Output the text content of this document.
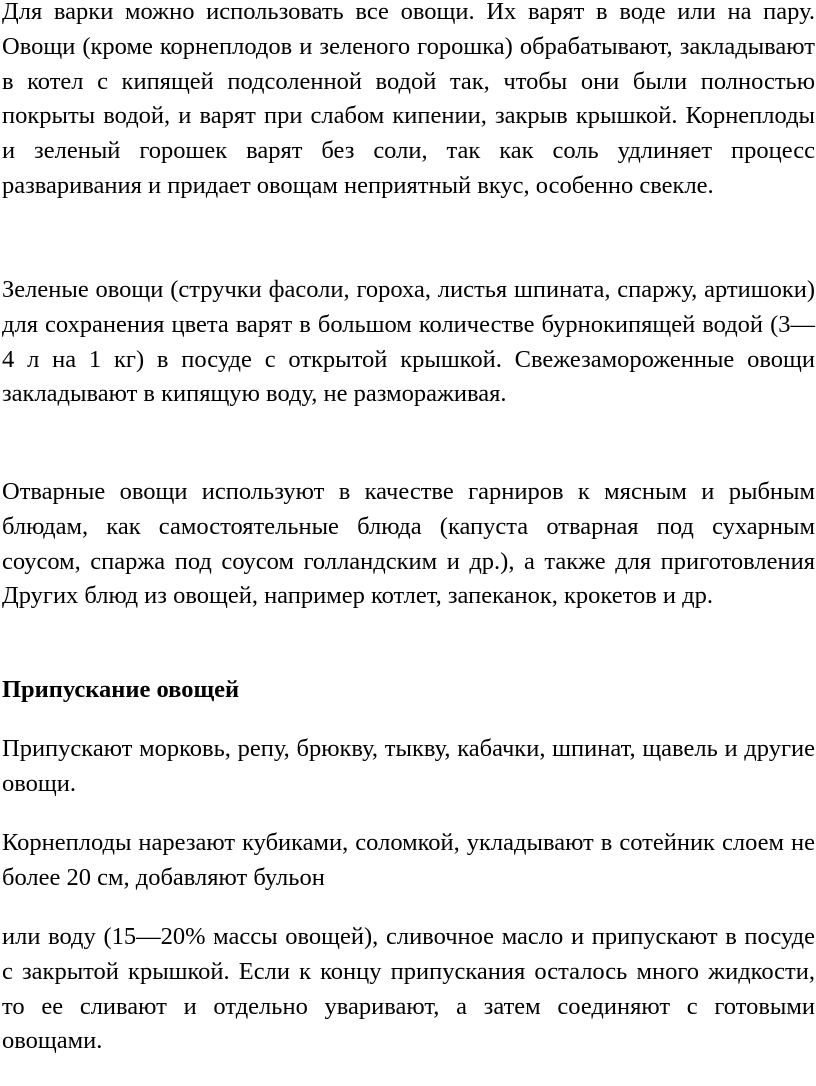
Для варки можно использовать все овощи. Их варят в воде или на пару. Овощи (кроме корнеплодов и зеленого горошка) обрабатывают, закладывают в котел с кипящей подсоленной водой так, чтобы они были полностью покрыты водой, и варят при слабом кипении, закрыв крышкой. Корнеплоды и зеленый горошек варят без соли, так как соль удлиняет процесс разваривания и придает овощам неприятный вкус, особенно свекле.

Зеленые овощи (стручки фасоли, гороха, листья шпината, спаржу, артишоки) для сохранения цвета варят в большом количестве бурнокипящей водой (3—4 л на 1 кг) в посуде с открытой крышкой. Свежезамороженные овощи закладывают в кипящую воду, не размораживая.

Отварные овощи используют в качестве гарниров к мясным и рыбным блюдам, как самостоятельные блюда (капуста отварная под сухарным соусом, спаржа под соусом голландским и др.), а также для приготовления Других блюд из овощей, например котлет, запеканок, крокетов и др.

Припускание овощей

Припускают морковь, репу, брюкву, тыкву, кабачки, шпинат, щавель и другие овощи.

Корнеплоды нарезают кубиками, соломкой, укладывают в сотейник слоем не более 20 см, добавляют бульон

или воду (15—20% массы овощей), сливочное масло и припускают в посуде с закрытой крышкой. Если к концу припускания осталось много жидкости, то ее сливают и отдельно уваривают, а затем соединяют с готовыми овощами.
